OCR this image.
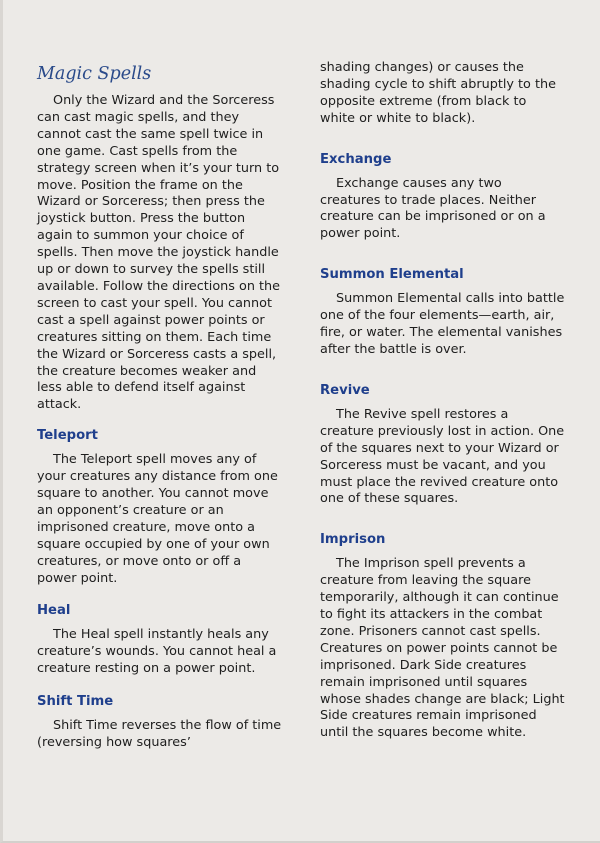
Magic Spells

Only the Wizard and the Sorceress can cast magic spells, and they cannot cast the same spell twice in one game. Cast spells from the strategy screen when it’s your turn to move. Position the frame on the Wizard or Sorceress; then press the joystick button. Press the button again to summon your choice of spells. Then move the joystick handle up or down to survey the spells still available. Follow the directions on the screen to cast your spell. You cannot cast a spell against power points or creatures sitting on them. Each time the Wizard or Sorceress casts a spell, the creature becomes weaker and less able to defend itself against attack.

Teleport

The Teleport spell moves any of your creatures any distance from one square to another. You cannot move an opponent’s creature or an imprisoned creature, move onto a square occupied by one of your own creatures, or move onto or off a power point.

Heal

The Heal spell instantly heals any creature’s wounds. You cannot heal a creature resting on a power point.

Shift Time

Shift Time reverses the flow of time (reversing how squares’

shading changes) or causes the shading cycle to shift abruptly to the opposite extreme (from black to white or white to black).

Exchange

Exchange causes any two creatures to trade places. Neither creature can be imprisoned or on a power point.

Summon Elemental

Summon Elemental calls into battle one of the four elements—earth, air, fire, or water. The elemental vanishes after the battle is over.

Revive

The Revive spell restores a creature previously lost in action. One of the squares next to your Wizard or Sorceress must be vacant, and you must place the revived creature onto one of these squares.

Imprison

The Imprison spell prevents a creature from leaving the square temporarily, although it can continue to fight its attackers in the combat zone. Prisoners cannot cast spells. Creatures on power points cannot be imprisoned. Dark Side creatures remain imprisoned until squares whose shades change are black; Light Side creatures remain imprisoned until the squares become white.
